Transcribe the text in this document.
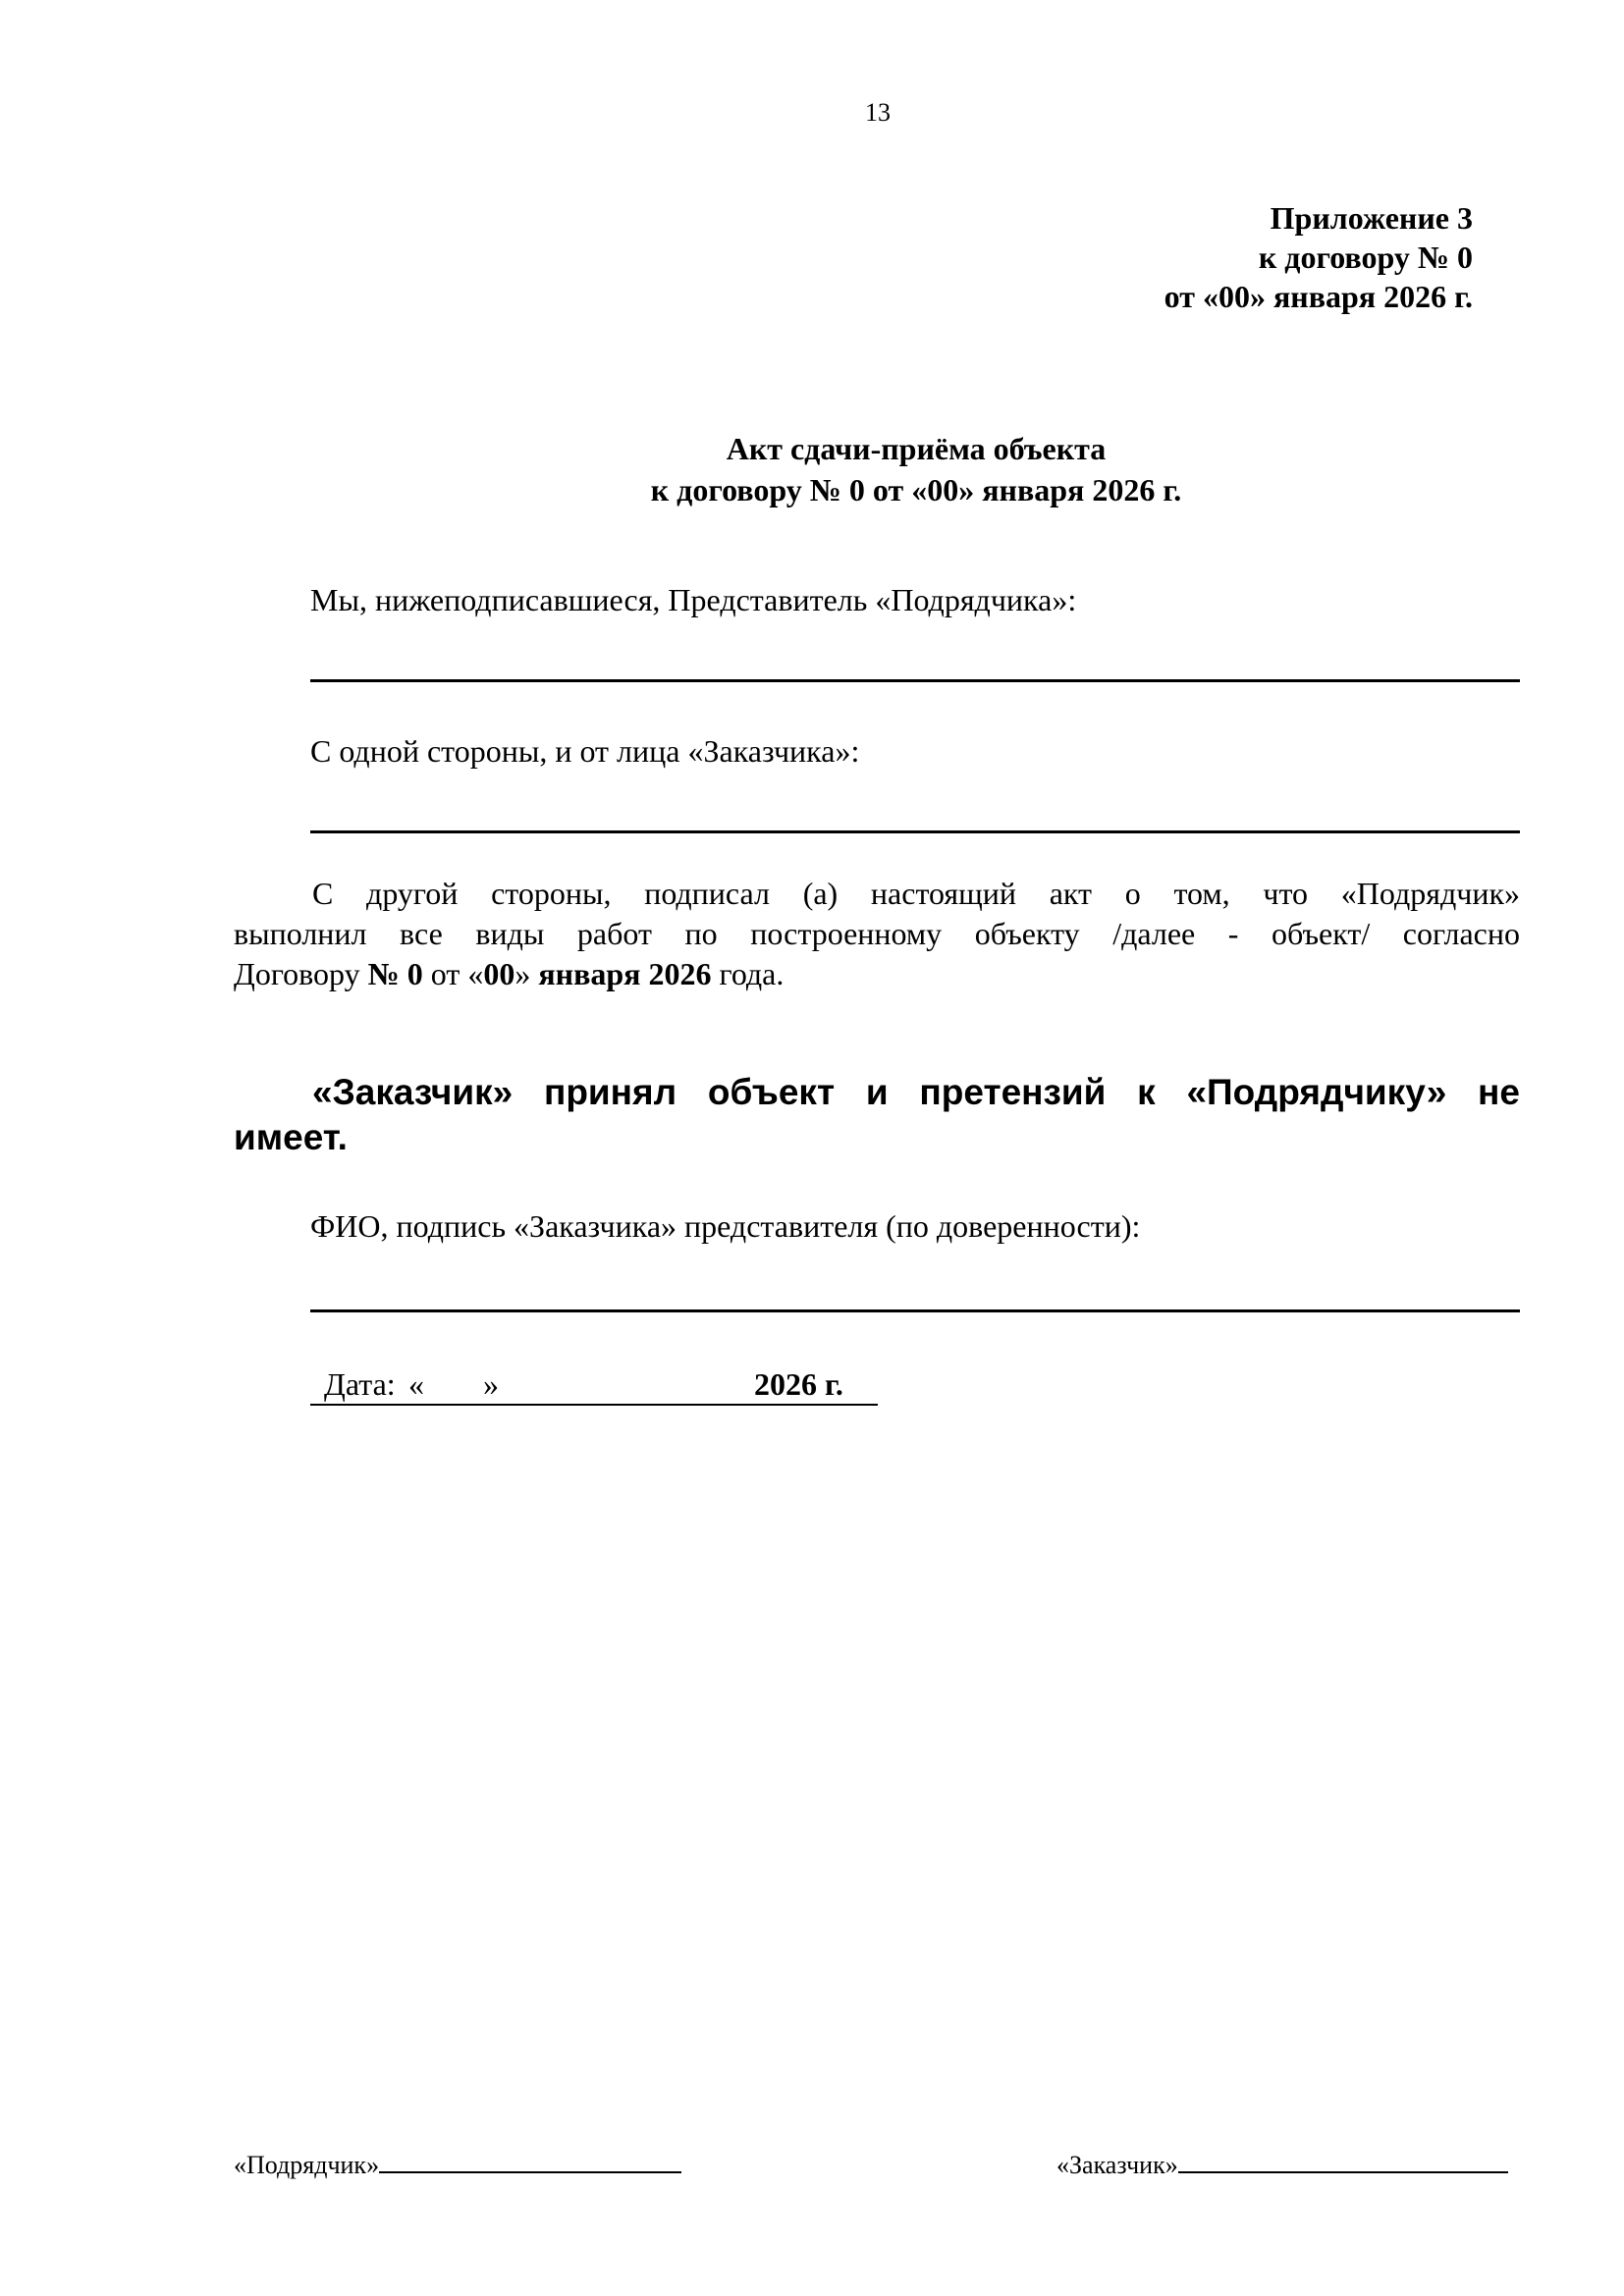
13
Приложение 3
к договору № 0
от «00» января 2026 г.
Акт сдачи-приёма объекта
к договору № 0 от «00» января 2026 г.
Мы, нижеподписавшиеся, Представитель «Подрядчика»:
С одной стороны, и от лица «Заказчика»:
С другой стороны, подписал (а) настоящий акт о том, что «Подрядчик»
выполнил все виды работ по построенному объекту /далее - объект/ согласно
Договору № 0 от «00» января 2026 года.
«Заказчик» принял объект и претензий к «Подрядчику» не
имеет.
ФИО, подпись «Заказчика» представителя (по доверенности):
Дата: « »	2026 г.
«Подрядчик»	«Заказчик»
